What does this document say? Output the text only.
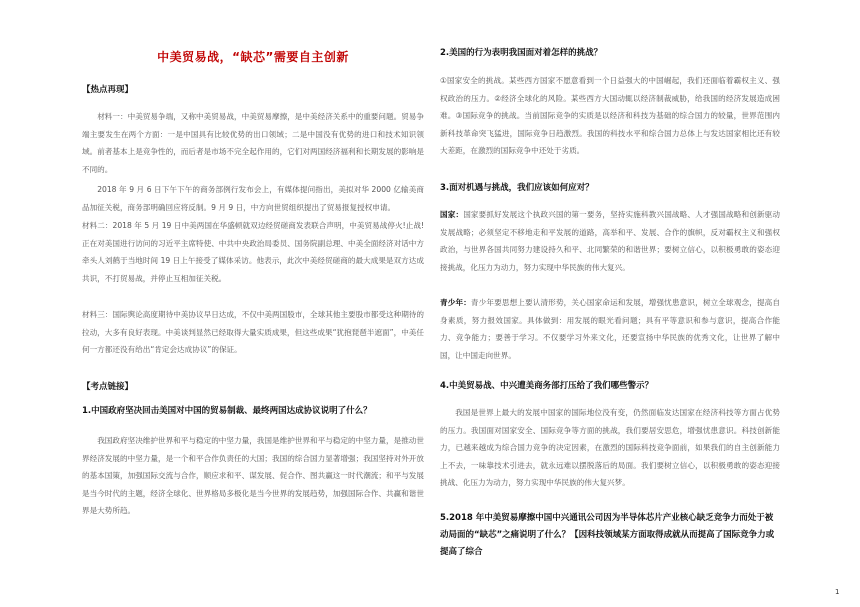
中美贸易战，“缺芯”需要自主创新
【热点再现】

材料一：中美贸易争端，又称中美贸易战，中美贸易摩擦，是中美经济关系中的重要问题。贸易争端主要发生在两个方面：一是中国具有比较优势的出口领域；二是中国没有优势的进口和技术知识领域。前者基本上是竞争性的，而后者是市场不完全起作用的，它们对两国经济福利和长期发展的影响是不同的。

2018 年 9 月 6 日下午下午的商务部例行发布会上，有媒体提问指出，美拟对华 2000 亿输美商品加征关税，商务部明确回应将反制。9 月 9 日，中方向世贸组织提出了贸易报复授权申请。

材料二：2018 年 5 月 19 日中美两国在华盛顿就双边经贸磋商发表联合声明，中美贸易战停火!止战!正在对美国进行访问的习近平主席特使、中共中央政治局委员、国务院副总理、中美全面经济对话中方牵头人刘鹤于当地时间 19 日上午接受了媒体采访。他表示，此次中美经贸磋商的最大成果是双方达成共识，不打贸易战，并停止互相加征关税。

材料三：国际舆论高度期待中美协议早日达成，不仅中美两国股市，全球其他主要股市都受这种期待的拉动，大多有良好表现。中美谈判显然已经取得大量实质成果，但这些成果“犹抱琵琶半遮面”，中美任何一方都还没有给出“肯定会达成协议”的保证。

【考点链接】
1.中国政府坚决回击美国对中国的贸易制裁、最终两国达成协议说明了什么？

我国政府坚决维护世界和平与稳定的中坚力量，我国是维护世界和平与稳定的中坚力量，是推动世界经济发展的中坚力量，是一个和平合作负责任的大国；我国的综合国力显著增强；我国坚持对外开放的基本国策，加强国际交流与合作，顺应求和平、谋发展、促合作、图共赢这一时代潮流；和平与发展是当今时代的主题，经济全球化、世界格局多极化是当今世界的发展趋势，加强国际合作、共赢和谐世界是大势所趋。

2.美国的行为表明我国面对着怎样的挑战？

①国家安全的挑战。某些西方国家不愿意看到一个日益强大的中国崛起，我们还面临着霸权主义、强权政治的压力。②经济全球化的风险。某些西方大国动辄以经济制裁威胁，给我国的经济发展造成困难。③国际竞争的挑战。当前国际竞争的实质是以经济和科技为基础的综合国力的较量，世界范围内新科技革命突飞猛进，国际竞争日趋激烈。我国的科技水平和综合国力总体上与发达国家相比还有较大差距，在激烈的国际竞争中还处于劣质。

3.面对机遇与挑战，我们应该如何应对？

国家：国家要抓好发展这个执政兴国的第一要务，坚持实施科教兴国战略、人才强国战略和创新驱动发展战略；必须坚定不移地走和平发展的道路，高举和平、发展、合作的旗帜，反对霸权主义和强权政治，与世界各国共同努力建设持久和平、北同繁荣的和谐世界；要树立信心，以积极勇敢的姿态迎接挑战，化压力为动力，努力实现中华民族的伟大复兴。

青少年：青少年要思想上要认清形势，关心国家命运和发展，增强忧患意识，树立全球观念，提高自身素质，努力报效国家。具体做到：用发展的眼光看问题；具有平等意识和参与意识，提高合作能力、竞争能力；要善于学习。不仅要学习外来文化，还要宣扬中华民族的优秀文化，让世界了解中国，让中国走向世界。

4.中美贸易战、中兴遭美商务部打压给了我们哪些警示？

我国是世界上最大的发展中国家的国际地位没有变，仍然面临发达国家在经济科技等方面占优势的压力。我国面对国家安全、国际竞争等方面的挑战，我们要居安思危，增强忧患意识。科技创新能力，已越来越成为综合国力竞争的决定因素，在激烈的国际科技竞争面前，如果我们的自主创新能力上不去，一味靠技术引进去，就永远难以摆脱落后的局面。我们要树立信心，以积极勇敢的姿态迎接挑战、化压力为动力，努力实现中华民族的伟大复兴梦。

5.2018 年中美贸易摩擦中国中兴通讯公司因为半导体芯片产业核心缺乏竞争力而处于被动局面的“缺芯”之痛说明了什么？【因科技领域某方面取得成就从而提高了国际竞争力或提高了综合
1
